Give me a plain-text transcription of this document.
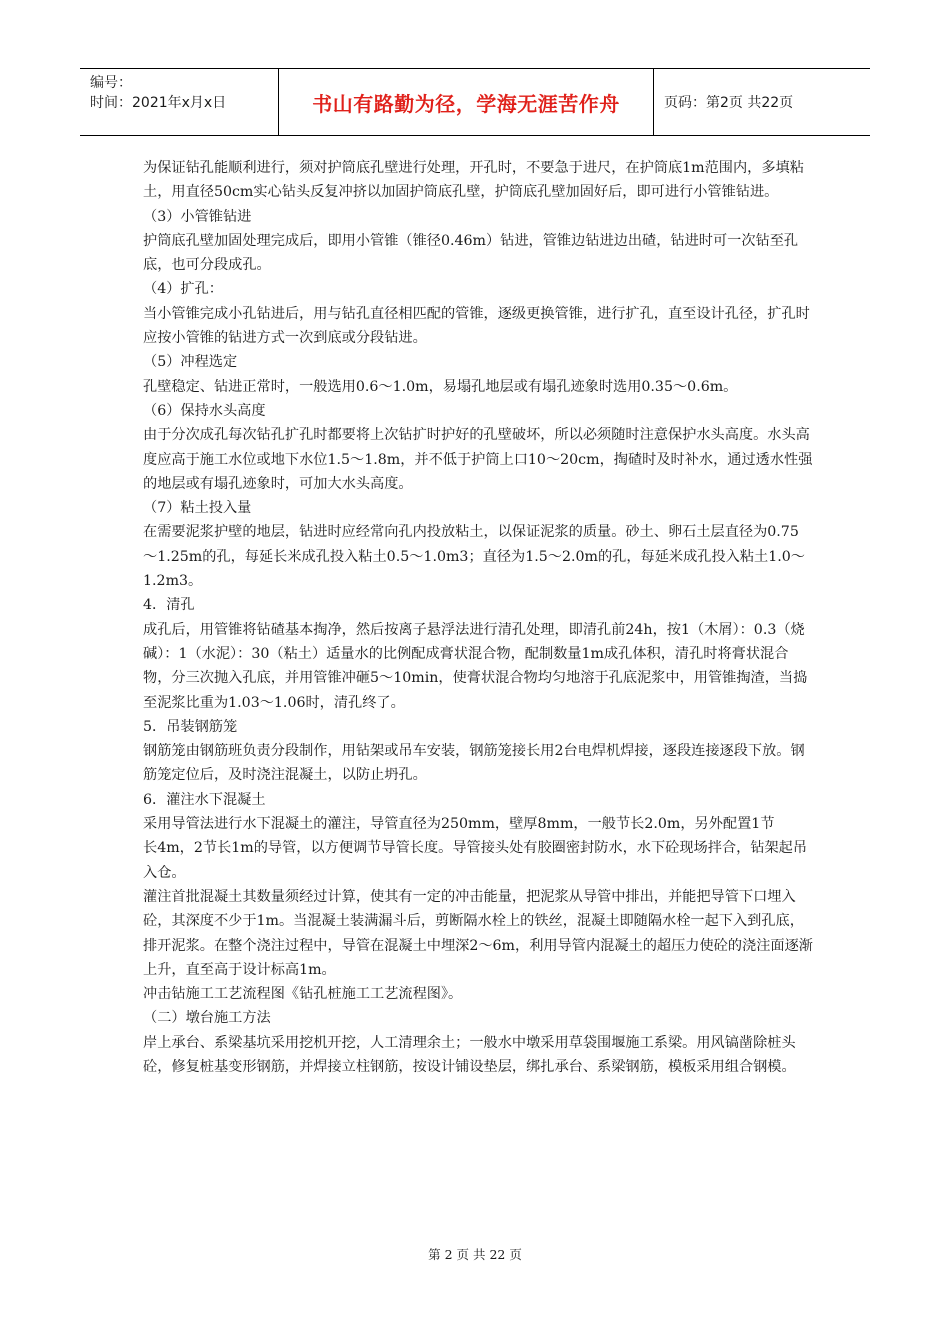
编号：
时间：2021年x月x日	书山有路勤为径，学海无涯苦作舟	页码：第2页 共22页

为保证钻孔能顺利进行，须对护筒底孔壁进行处理，开孔时，不要急于进尺，在护筒底1m范围内，多填粘土，用直径50cm实心钻头反复冲挤以加固护筒底孔壁，护筒底孔壁加固好后，即可进行小管锥钻进。

（3）小管锥钻进

护筒底孔壁加固处理完成后，即用小管锥（锥径0.46m）钻进，管锥边钻进边出碴，钻进时可一次钻至孔底，也可分段成孔。

（4）扩孔：

当小管锥完成小孔钻进后，用与钻孔直径相匹配的管锥，逐级更换管锥，进行扩孔，直至设计孔径，扩孔时应按小管锥的钻进方式一次到底或分段钻进。

（5）冲程选定

孔壁稳定、钻进正常时，一般选用0.6～1.0m，易塌孔地层或有塌孔迹象时选用0.35～0.6m。

（6）保持水头高度

由于分次成孔每次钻孔扩孔时都要将上次钻扩时护好的孔壁破坏，所以必须随时注意保护水头高度。水头高度应高于施工水位或地下水位1.5～1.8m，并不低于护筒上口10～20cm，掏碴时及时补水，通过透水性强的地层或有塌孔迹象时，可加大水头高度。

（7）粘土投入量

在需要泥浆护壁的地层，钻进时应经常向孔内投放粘土，以保证泥浆的质量。砂土、卵石土层直径为0.75～1.25m的孔，每延长米成孔投入粘土0.5～1.0m3；直径为1.5～2.0m的孔，每延米成孔投入粘土1.0～1.2m3。

4．清孔

成孔后，用管锥将钻碴基本掏净，然后按离子悬浮法进行清孔处理，即清孔前24h，按1（木屑）：0.3（烧碱）：1（水泥）：30（粘土）适量水的比例配成膏状混合物，配制数量1m成孔体积，清孔时将膏状混合物，分三次抛入孔底，并用管锥冲砸5～10min，使膏状混合物均匀地溶于孔底泥浆中，用管锥掏渣，当捣至泥浆比重为1.03～1.06时，清孔终了。

5．吊装钢筋笼

钢筋笼由钢筋班负责分段制作，用钻架或吊车安装，钢筋笼接长用2台电焊机焊接，逐段连接逐段下放。钢筋笼定位后，及时浇注混凝土，以防止坍孔。

6．灌注水下混凝土

采用导管法进行水下混凝土的灌注，导管直径为250mm，壁厚8mm，一般节长2.0m，另外配置1节

长4m，2节长1m的导管，以方便调节导管长度。导管接头处有胶圈密封防水，水下砼现场拌合，钻架起吊入仓。

灌注首批混凝土其数量须经过计算，使其有一定的冲击能量，把泥浆从导管中排出，并能把导管下口埋入砼，其深度不少于1m。当混凝土装满漏斗后，剪断隔水栓上的铁丝，混凝土即随隔水栓一起下入到孔底，排开泥浆。在整个浇注过程中，导管在混凝土中埋深2～6m，利用导管内混凝土的超压力使砼的浇注面逐渐上升，直至高于设计标高1m。

冲击钻施工工艺流程图《钻孔桩施工工艺流程图》。

（二）墩台施工方法

岸上承台、系梁基坑采用挖机开挖，人工清理余土；一般水中墩采用草袋围堰施工系梁。用风镐凿除桩头砼，修复桩基变形钢筋，并焊接立柱钢筋，按设计铺设垫层，绑扎承台、系梁钢筋，模板采用组合钢模。

第 2 页 共 22 页
